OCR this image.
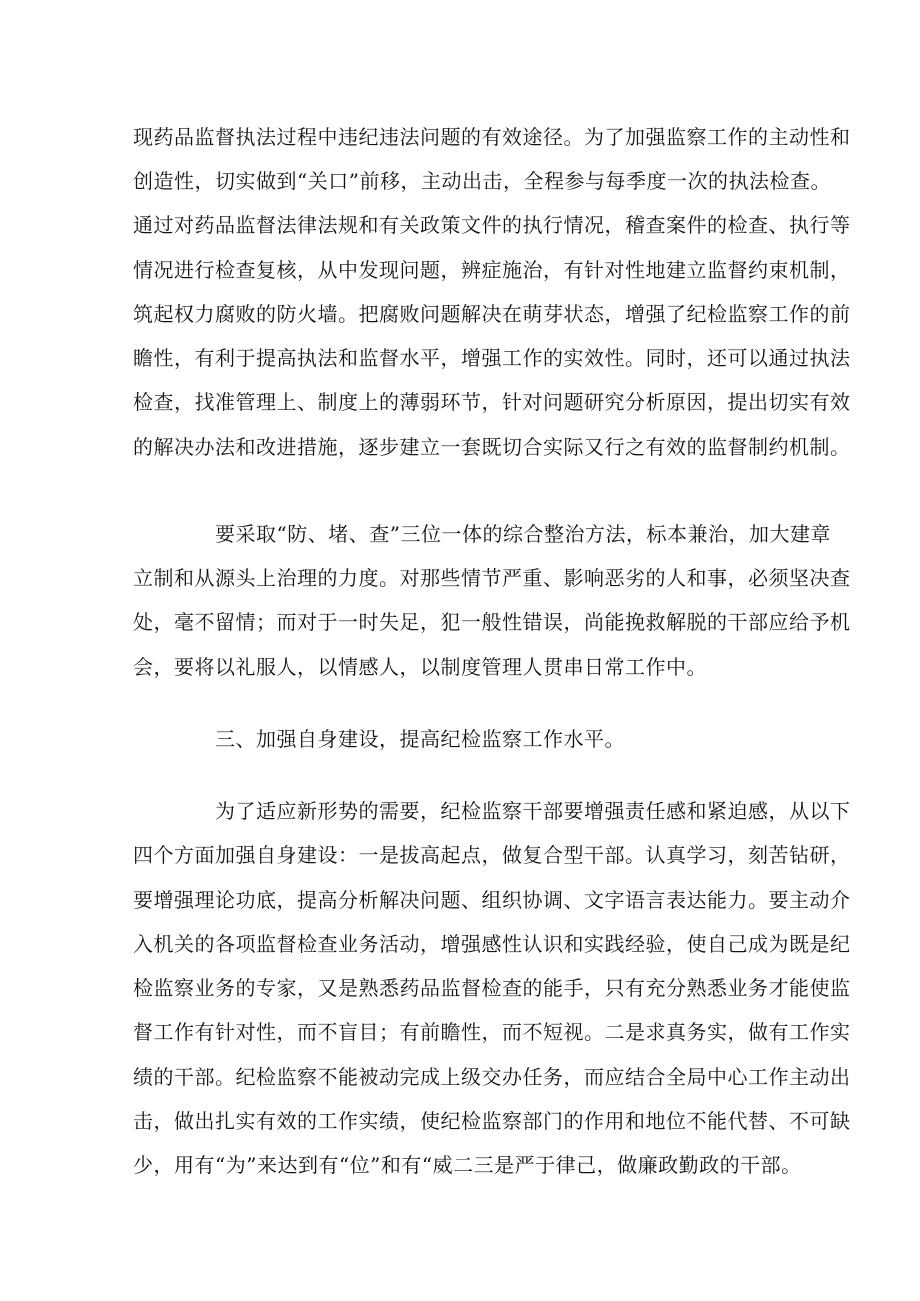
现药品监督执法过程中违纪违法问题的有效途径。为了加强监察工作的主动性和
创造性，切实做到“关口”前移，主动出击，全程参与每季度一次的执法检查。
通过对药品监督法律法规和有关政策文件的执行情况，稽查案件的检查、执行等
情况进行检查复核，从中发现问题，辨症施治，有针对性地建立监督约束机制，
筑起权力腐败的防火墙。把腐败问题解决在萌芽状态，增强了纪检监察工作的前
瞻性，有利于提高执法和监督水平，增强工作的实效性。同时，还可以通过执法
检查，找准管理上、制度上的薄弱环节，针对问题研究分析原因，提出切实有效
的解决办法和改进措施，逐步建立一套既切合实际又行之有效的监督制约机制。
要采取“防、堵、查”三位一体的综合整治方法，标本兼治，加大建章
立制和从源头上治理的力度。对那些情节严重、影响恶劣的人和事，必须坚决查
处，毫不留情；而对于一时失足，犯一般性错误，尚能挽救解脱的干部应给予机
会，要将以礼服人，以情感人，以制度管理人贯串日常工作中。
三、加强自身建设，提高纪检监察工作水平。
为了适应新形势的需要，纪检监察干部要增强责任感和紧迫感，从以下
四个方面加强自身建设：一是拔高起点，做复合型干部。认真学习，刻苦钻研，
要增强理论功底，提高分析解决问题、组织协调、文字语言表达能力。要主动介
入机关的各项监督检查业务活动，增强感性认识和实践经验，使自己成为既是纪
检监察业务的专家，又是熟悉药品监督检查的能手，只有充分熟悉业务才能使监
督工作有针对性，而不盲目；有前瞻性，而不短视。二是求真务实，做有工作实
绩的干部。纪检监察不能被动完成上级交办任务，而应结合全局中心工作主动出
击，做出扎实有效的工作实绩，使纪检监察部门的作用和地位不能代替、不可缺
少，用有“为”来达到有“位”和有“威二三是严于律己，做廉政勤政的干部。
